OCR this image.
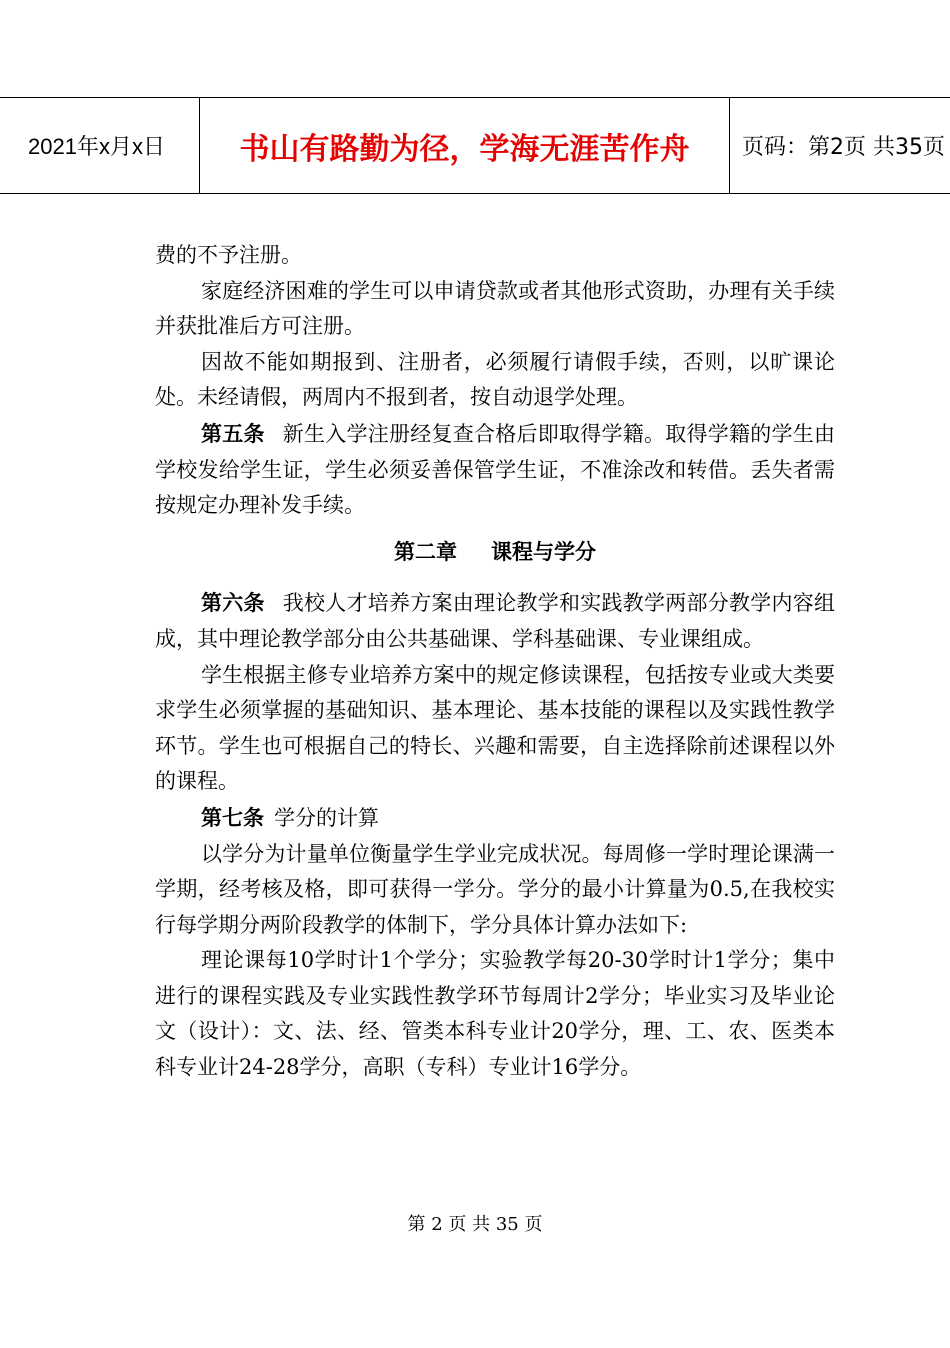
2021年x月x日	书山有路勤为径，学海无涯苦作舟	页码：第2页 共35页

费的不予注册。

家庭经济困难的学生可以申请贷款或者其他形式资助，办理有关手续并获批准后方可注册。

因故不能如期报到、注册者，必须履行请假手续，否则，以旷课论处。未经请假，两周内不报到者，按自动退学处理。

第五条 新生入学注册经复查合格后即取得学籍。取得学籍的学生由学校发给学生证，学生必须妥善保管学生证，不准涂改和转借。丢失者需按规定办理补发手续。

第二章 课程与学分

第六条 我校人才培养方案由理论教学和实践教学两部分教学内容组成，其中理论教学部分由公共基础课、学科基础课、专业课组成。

学生根据主修专业培养方案中的规定修读课程，包括按专业或大类要求学生必须掌握的基础知识、基本理论、基本技能的课程以及实践性教学环节。学生也可根据自己的特长、兴趣和需要，自主选择除前述课程以外的课程。

第七条 学分的计算

以学分为计量单位衡量学生学业完成状况。每周修一学时理论课满一学期，经考核及格，即可获得一学分。学分的最小计算量为0.5,在我校实行每学期分两阶段教学的体制下，学分具体计算办法如下:

理论课每10学时计1个学分；实验教学每20-30学时计1学分；集中进行的课程实践及专业实践性教学环节每周计2学分；毕业实习及毕业论文（设计）：文、法、经、管类本科专业计20学分，理、工、农、医类本科专业计24-28学分，高职（专科）专业计16学分。

第 2 页 共 35 页
